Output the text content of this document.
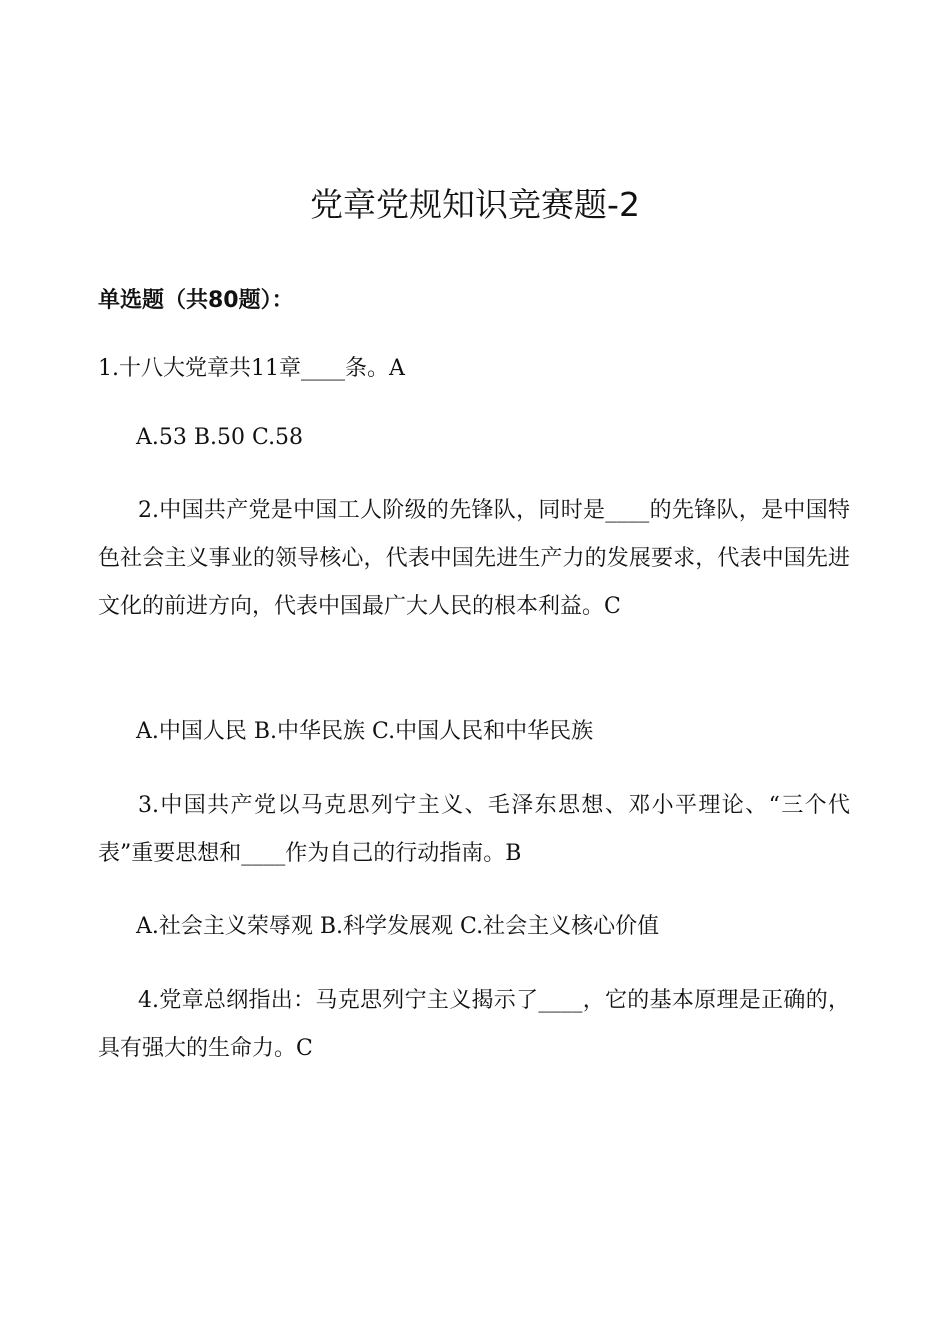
党章党规知识竞赛题-2

单选题（共80题）：

1.十八大党章共11章____条。A

A.53 B.50 C.58

2.中国共产党是中国工人阶级的先锋队，同时是____的先锋队，是中国特色社会主义事业的领导核心，代表中国先进生产力的发展要求，代表中国先进文化的前进方向，代表中国最广大人民的根本利益。C

A.中国人民 B.中华民族 C.中国人民和中华民族

3.中国共产党以马克思列宁主义、毛泽东思想、邓小平理论、“三个代表”重要思想和____作为自己的行动指南。B

A.社会主义荣辱观 B.科学发展观 C.社会主义核心价值

4.党章总纲指出：马克思列宁主义揭示了____，它的基本原理是正确的，具有强大的生命力。C
